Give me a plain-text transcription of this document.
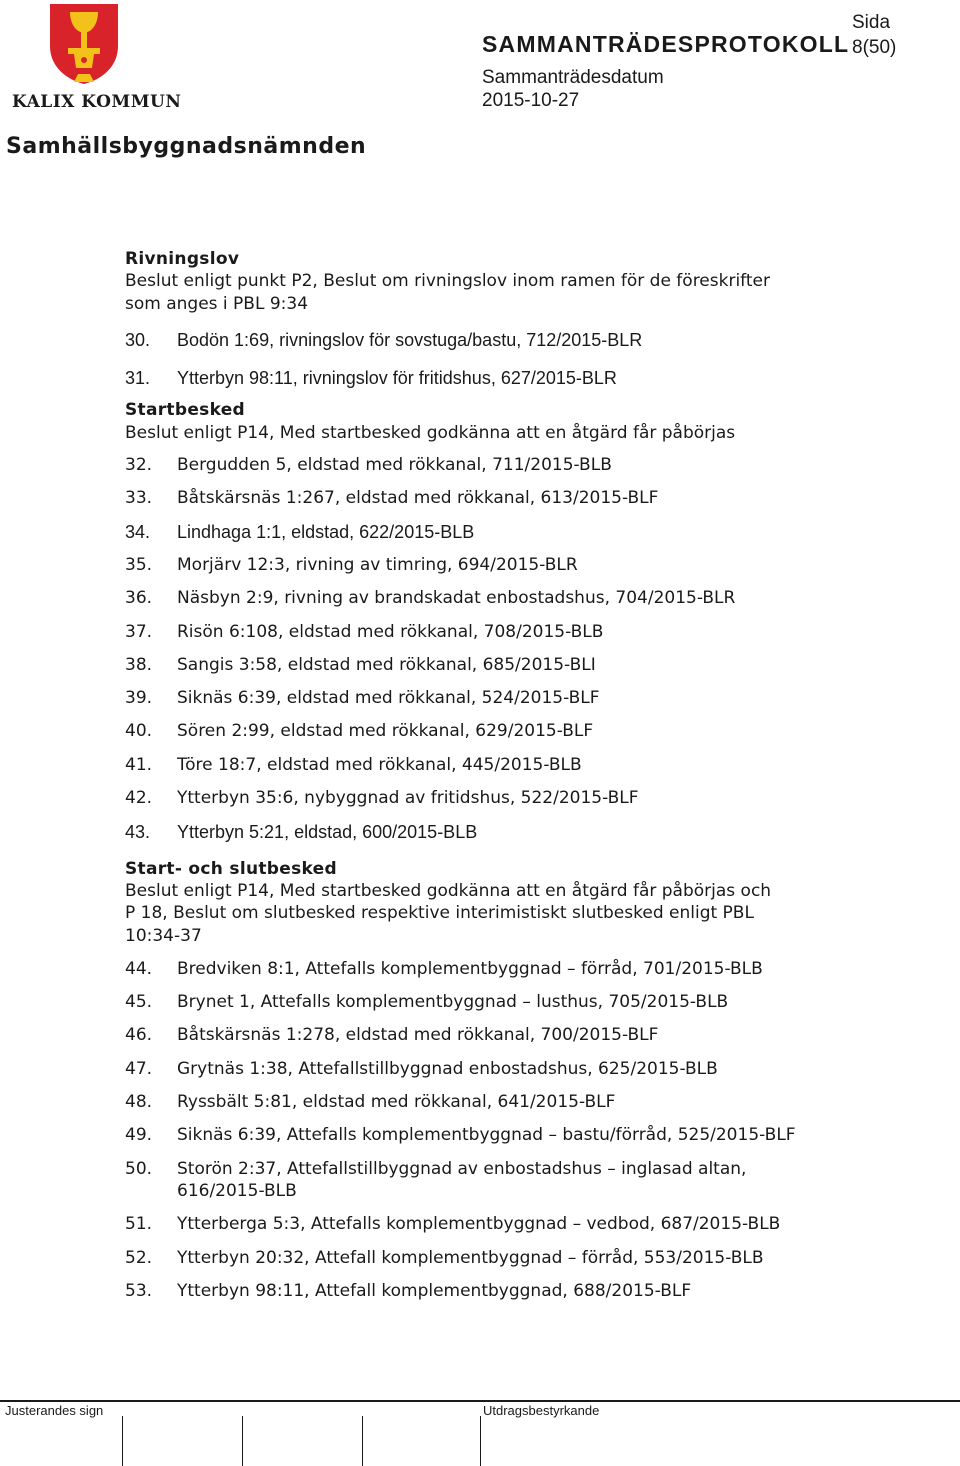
KALIX KOMMUN
SAMMANTRÄDESPROTOKOLL
Sida
8(50)
Sammanträdesdatum
2015-10-27
Samhällsbyggnadsnämnden
Rivningslov
Beslut enligt punkt P2, Beslut om rivningslov inom ramen för de föreskrifter
som anges i PBL 9:34
30.	Bodön 1:69, rivningslov för sovstuga/bastu, 712/2015-BLR
31.	Ytterbyn 98:11, rivningslov för fritidshus, 627/2015-BLR
Startbesked
Beslut enligt P14, Med startbesked godkänna att en åtgärd får påbörjas
32.	Bergudden 5, eldstad med rökkanal, 711/2015-BLB
33.	Båtskärsnäs 1:267, eldstad med rökkanal, 613/2015-BLF
34.	Lindhaga 1:1, eldstad, 622/2015-BLB
35.	Morjärv 12:3, rivning av timring, 694/2015-BLR
36.	Näsbyn 2:9, rivning av brandskadat enbostadshus, 704/2015-BLR
37.	Risön 6:108, eldstad med rökkanal, 708/2015-BLB
38.	Sangis 3:58, eldstad med rökkanal, 685/2015-BLI
39.	Siknäs 6:39, eldstad med rökkanal, 524/2015-BLF
40.	Sören 2:99, eldstad med rökkanal, 629/2015-BLF
41.	Töre 18:7, eldstad med rökkanal, 445/2015-BLB
42.	Ytterbyn 35:6, nybyggnad av fritidshus, 522/2015-BLF
43.	Ytterbyn 5:21, eldstad, 600/2015-BLB
Start- och slutbesked
Beslut enligt P14, Med startbesked godkänna att en åtgärd får påbörjas och
P 18, Beslut om slutbesked respektive interimistiskt slutbesked enligt PBL
10:34-37
44.	Bredviken 8:1, Attefalls komplementbyggnad – förråd, 701/2015-BLB
45.	Brynet 1, Attefalls komplementbyggnad – lusthus, 705/2015-BLB
46.	Båtskärsnäs 1:278, eldstad med rökkanal, 700/2015-BLF
47.	Grytnäs 1:38, Attefallstillbyggnad enbostadshus, 625/2015-BLB
48.	Ryssbält 5:81, eldstad med rökkanal, 641/2015-BLF
49.	Siknäs 6:39, Attefalls komplementbyggnad – bastu/förråd, 525/2015-BLF
50.	Storön 2:37, Attefallstillbyggnad av enbostadshus – inglasad altan,
616/2015-BLB
51.	Ytterberga 5:3, Attefalls komplementbyggnad – vedbod, 687/2015-BLB
52.	Ytterbyn 20:32, Attefall komplementbyggnad – förråd, 553/2015-BLB
53.	Ytterbyn 98:11, Attefall komplementbyggnad, 688/2015-BLF
Justerandes sign	Utdragsbestyrkande
